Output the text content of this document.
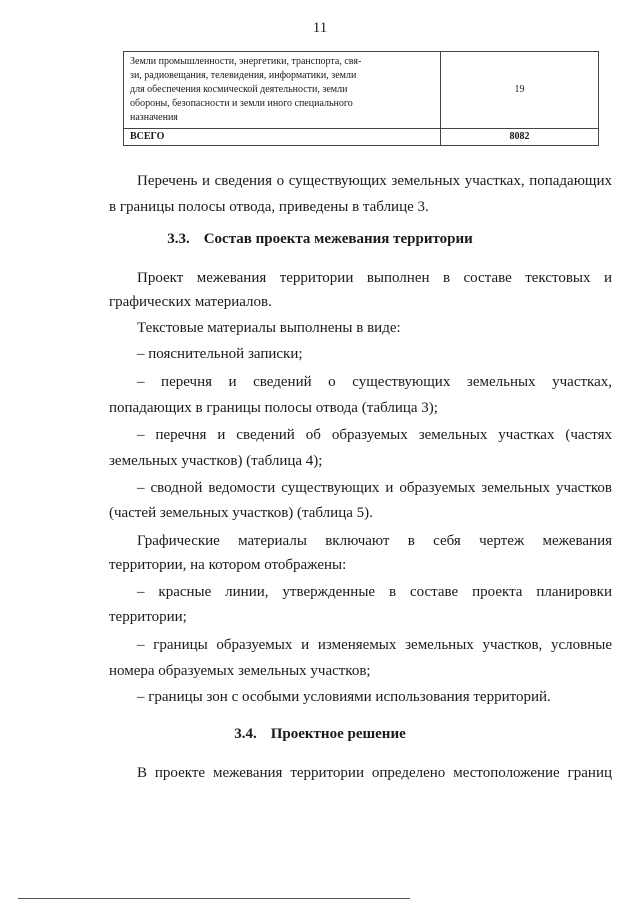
11
Земли промышленности, энергетики, транспорта, свя-
зи, радиовещания, телевидения, информатики, земли
для обеспечения космической деятельности, земли
обороны, безопасности и земли иного специального
назначения	19
ВСЕГО	8082

Перечень и сведения о существующих земельных участках, попадающих

в границы полосы отвода, приведены в таблице 3.

3.3. Состав проекта межевания территории

Проект межевания территории выполнен в составе текстовых и

графических материалов.

Текстовые материалы выполнены в виде:

– пояснительной записки;

– перечня и сведений о существующих земельных участках,

попадающих в границы полосы отвода (таблица 3);

– перечня и сведений об образуемых земельных участках (частях

земельных участков) (таблица 4);

– сводной ведомости существующих и образуемых земельных участков

(частей земельных участков) (таблица 5).

Графические материалы включают в себя чертеж межевания

территории, на котором отображены:

– красные линии, утвержденные в составе проекта планировки

территории;

– границы образуемых и изменяемых земельных участков, условные

номера образуемых земельных участков;

– границы зон с особыми условиями использования территорий.

3.4. Проектное решение

В проекте межевания территории определено местоположение границ
